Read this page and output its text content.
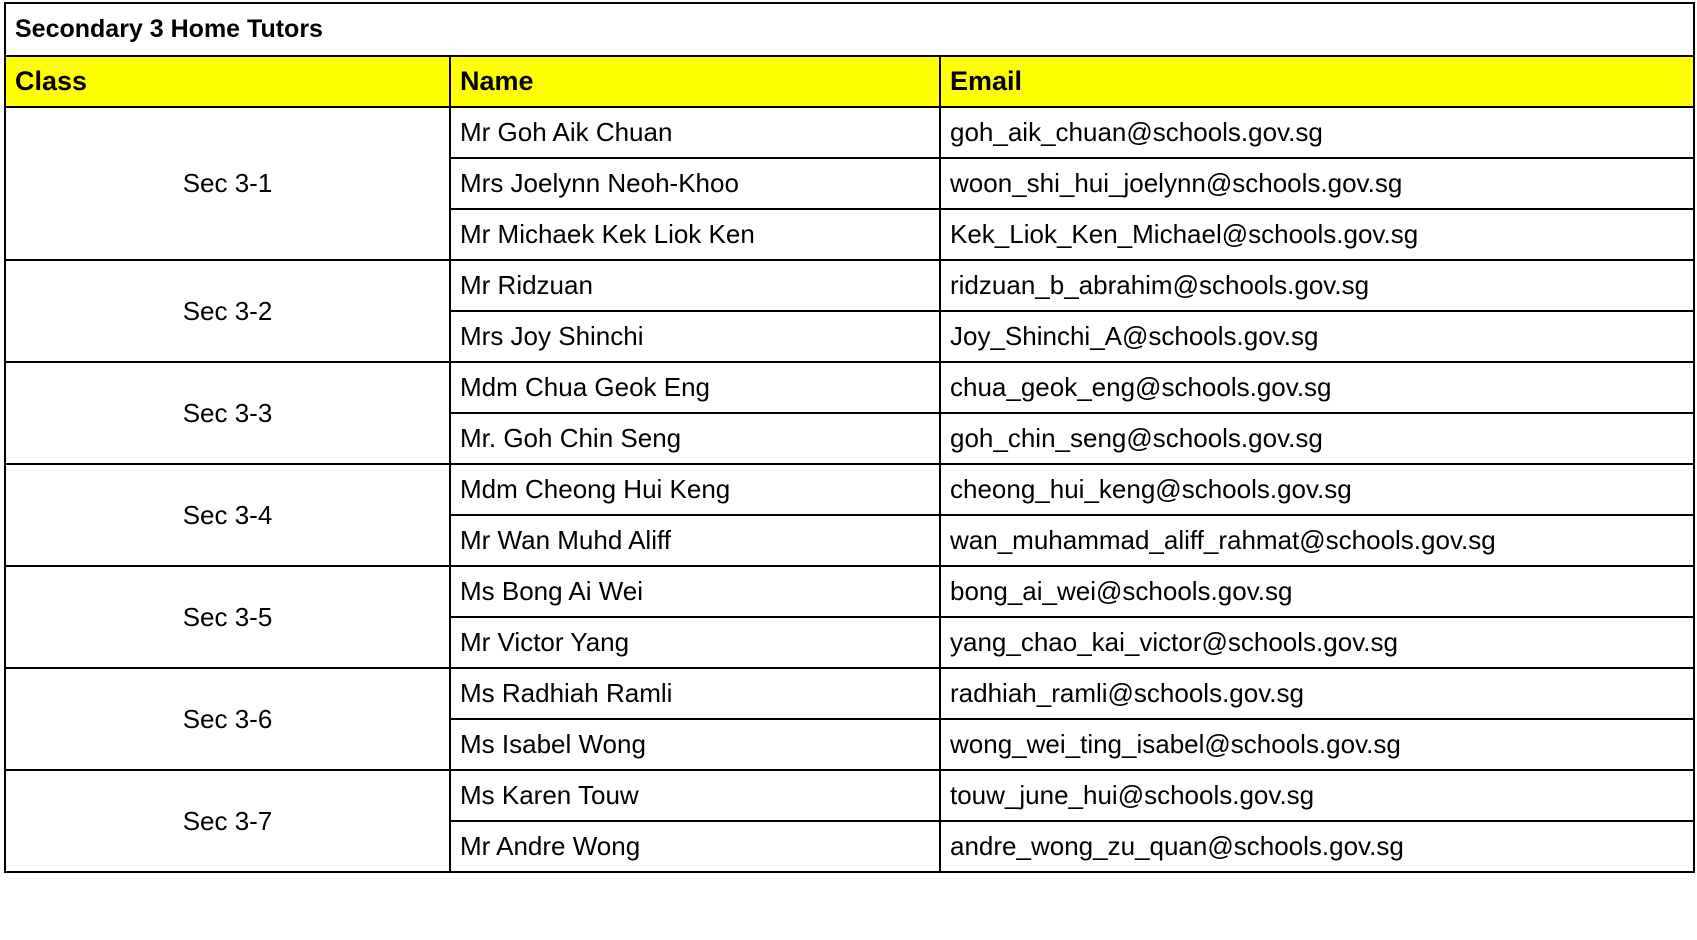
Secondary 3 Home Tutors		
Class	Name	Email
Sec 3-1	Mr Goh Aik Chuan	goh_aik_chuan@schools.gov.sg
	Mrs Joelynn Neoh-Khoo	woon_shi_hui_joelynn@schools.gov.sg
	Mr Michaek Kek Liok Ken	Kek_Liok_Ken_Michael@schools.gov.sg
Sec 3-2	Mr Ridzuan	ridzuan_b_abrahim@schools.gov.sg
	Mrs Joy Shinchi	Joy_Shinchi_A@schools.gov.sg
Sec 3-3	Mdm Chua Geok Eng	chua_geok_eng@schools.gov.sg
	Mr. Goh Chin Seng	goh_chin_seng@schools.gov.sg
Sec 3-4	Mdm Cheong Hui Keng	cheong_hui_keng@schools.gov.sg
	Mr Wan Muhd Aliff	wan_muhammad_aliff_rahmat@schools.gov.sg
Sec 3-5	Ms Bong Ai Wei	bong_ai_wei@schools.gov.sg
	Mr Victor Yang	yang_chao_kai_victor@schools.gov.sg
Sec 3-6	Ms Radhiah Ramli	radhiah_ramli@schools.gov.sg
	Ms Isabel Wong	wong_wei_ting_isabel@schools.gov.sg
Sec 3-7	Ms Karen Touw	touw_june_hui@schools.gov.sg
	Mr Andre Wong	andre_wong_zu_quan@schools.gov.sg
